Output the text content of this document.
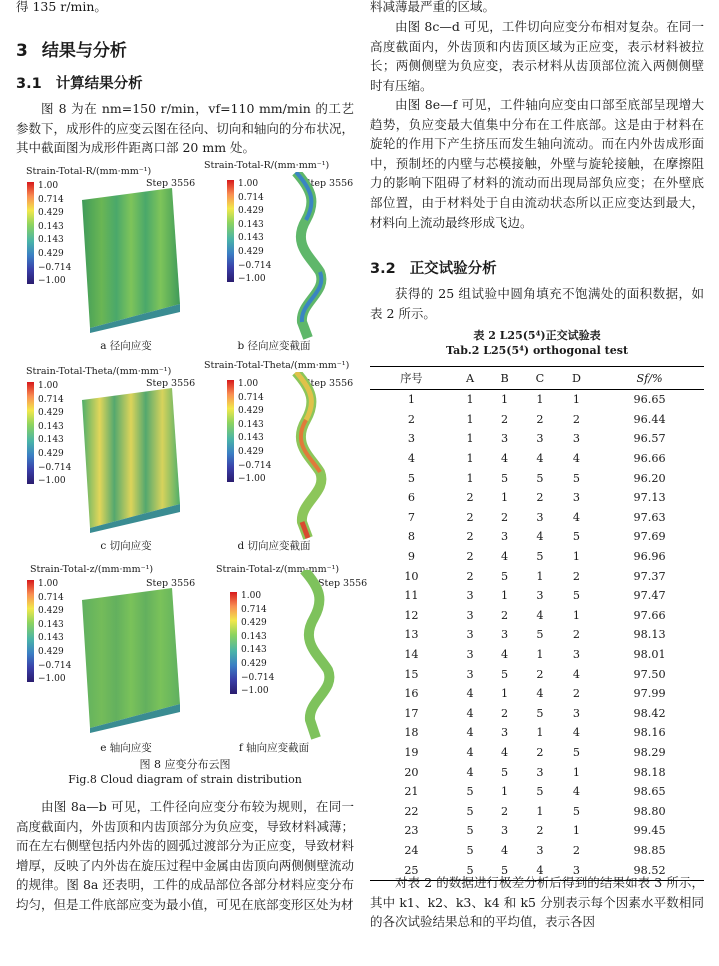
得 135 r/min。

3 结果与分析
3.1 计算结果分析

图 8 为在 nm=150 r/min，vf=110 mm/min 的工艺参数下，成形件的应变云图在径向、切向和轴向的分布状况，其中截面图为成形件距离口部 20 mm 处。

Strain-Total-R/(mm·mm⁻¹)
Step 3556
1.00
0.714
0.429
0.143
0.143
0.429
−0.714
−1.00
a 径向应变
Strain-Total-R/(mm·mm⁻¹)
Step 3556
1.00
0.714
0.429
0.143
0.143
0.429
−0.714
−1.00
b 径向应变截面
Strain-Total-Theta/(mm·mm⁻¹)
Step 3556
1.00
0.714
0.429
0.143
0.143
0.429
−0.714
−1.00
c 切向应变
Strain-Total-Theta/(mm·mm⁻¹)
Step 3556
1.00
0.714
0.429
0.143
0.143
0.429
−0.714
−1.00
d 切向应变截面
Strain-Total-z/(mm·mm⁻¹)
Step 3556
1.00
0.714
0.429
0.143
0.143
0.429
−0.714
−1.00
e 轴向应变
Strain-Total-z/(mm·mm⁻¹)
Step 3556
1.00
0.714
0.429
0.143
0.143
0.429
−0.714
−1.00
f 轴向应变截面
图 8 应变分布云图
Fig.8 Cloud diagram of strain distribution

由图 8a—b 可见，工件径向应变分布较为规则，在同一高度截面内，外齿顶和内齿顶部分为负应变，导致材料减薄；而在左右侧壁包括内外齿的圆弧过渡部分为正应变，导致材料增厚，反映了内外齿在旋压过程中金属由齿顶向两侧侧壁流动的规律。图 8a 还表明，工件的成品部位各部分材料应变分布均匀，但是工件底部应变为最小值，可见在底部变形区处为材

料减薄最严重的区域。

由图 8c—d 可见，工件切向应变分布相对复杂。在同一高度截面内，外齿顶和内齿顶区域为正应变，表示材料被拉长；两侧侧壁为负应变，表示材料从齿顶部位流入两侧侧壁时有压缩。

由图 8e—f 可见，工件轴向应变由口部至底部呈现增大趋势，负应变最大值集中分布在工件底部。这是由于材料在旋轮的作用下产生挤压而发生轴向流动。而在内外齿成形面中，预制坯的内壁与芯模接触，外壁与旋轮接触，在摩擦阻力的影响下阻碍了材料的流动而出现局部负应变；在外壁底部位置，由于材料处于自由流动状态所以正应变达到最大，材料向上流动最终形成飞边。

3.2 正交试验分析

获得的 25 组试验中圆角填充不饱满处的面积数据，如表 2 所示。

表 2 L25(5⁴)正交试验表
Tab.2 L25(5⁴) orthogonal test
序号	A	B	C	D	Sf/%
1	1	1	1	1	96.65
2	1	2	2	2	96.44
3	1	3	3	3	96.57
4	1	4	4	4	96.66
5	1	5	5	5	96.20
6	2	1	2	3	97.13
7	2	2	3	4	97.63
8	2	3	4	5	97.69
9	2	4	5	1	96.96
10	2	5	1	2	97.37
11	3	1	3	5	97.47
12	3	2	4	1	97.66
13	3	3	5	2	98.13
14	3	4	1	3	98.01
15	3	5	2	4	97.50
16	4	1	4	2	97.99
17	4	2	5	3	98.42
18	4	3	1	4	98.16
19	4	4	2	5	98.29
20	4	5	3	1	98.18
21	5	1	5	4	98.65
22	5	2	1	5	98.80
23	5	3	2	1	99.45
24	5	4	3	2	98.85
25	5	5	4	3	98.52

对表 2 的数据进行极差分析后得到的结果如表 3 所示，其中 k1、k2、k3、k4 和 k5 分别表示每个因素水平数相同的各次试验结果总和的平均值，表示各因
